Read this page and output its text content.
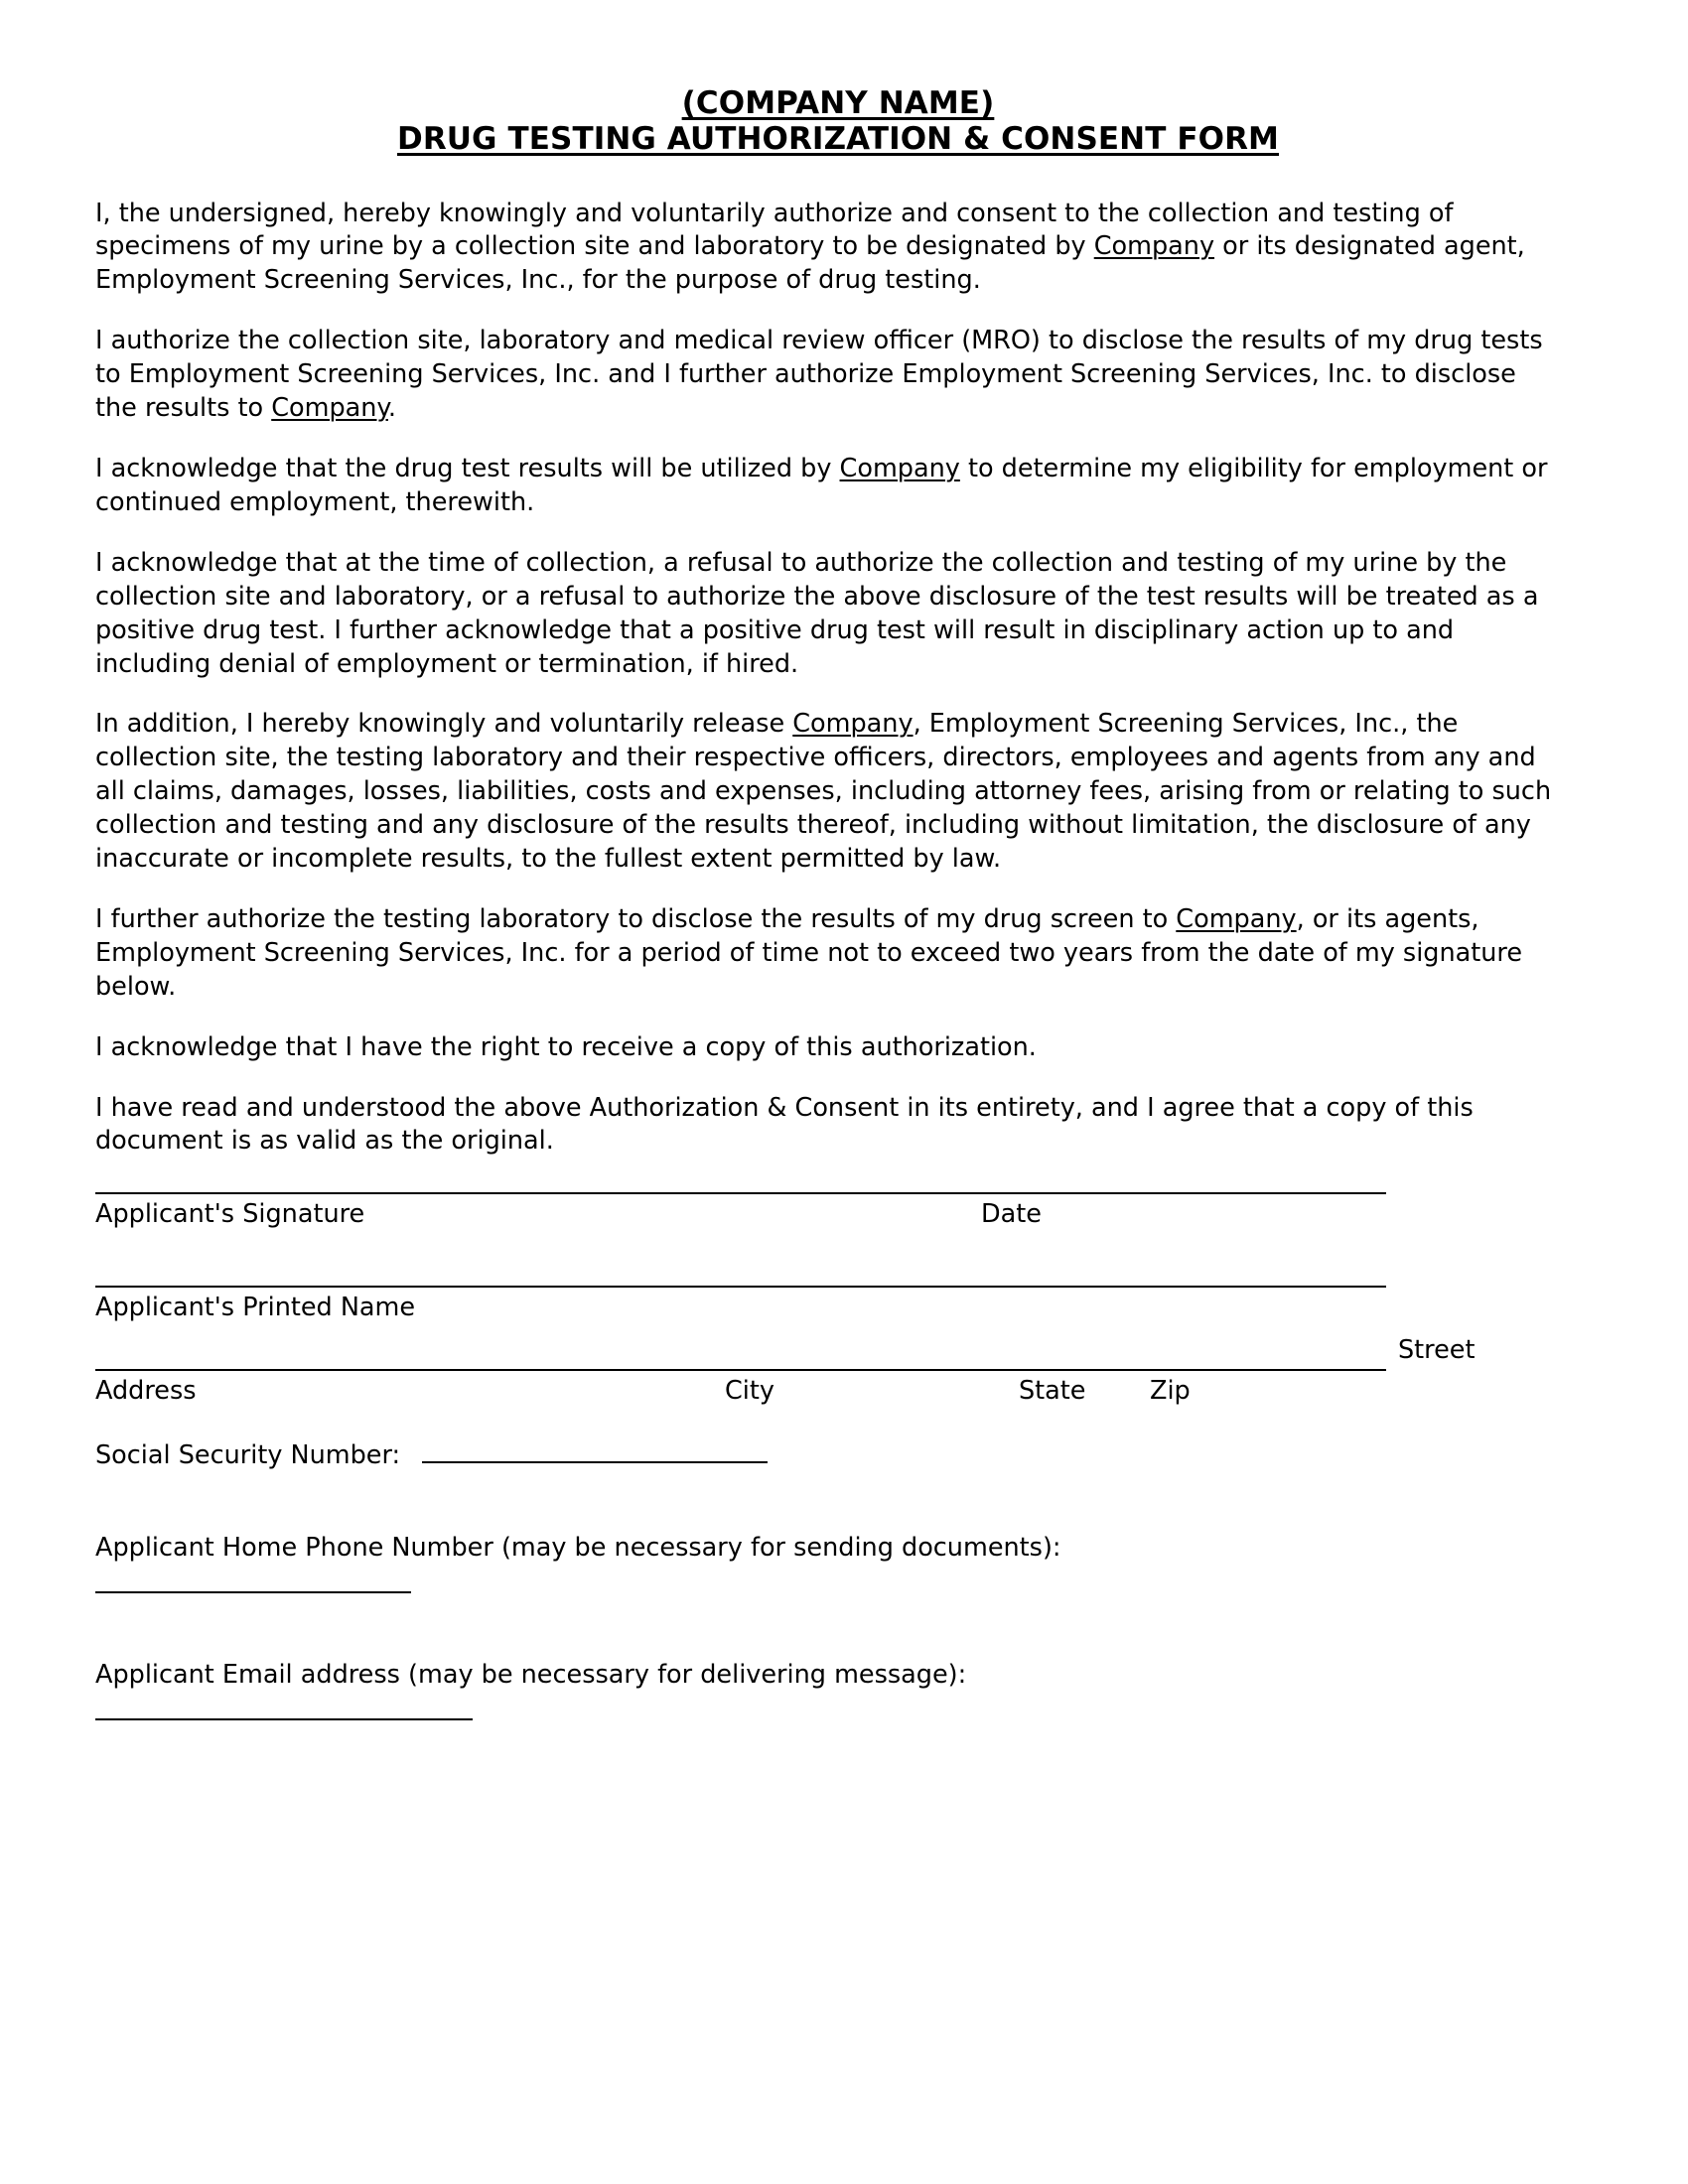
(COMPANY NAME)
DRUG TESTING AUTHORIZATION & CONSENT FORM

I, the undersigned, hereby knowingly and voluntarily authorize and consent to the collection and testing of specimens of my urine by a collection site and laboratory to be designated by Company or its designated agent, Employment Screening Services, Inc., for the purpose of drug testing.

I authorize the collection site, laboratory and medical review officer (MRO) to disclose the results of my drug tests to Employment Screening Services, Inc. and I further authorize Employment Screening Services, Inc. to disclose the results to Company.

I acknowledge that the drug test results will be utilized by Company to determine my eligibility for employment or continued employment, therewith.

I acknowledge that at the time of collection, a refusal to authorize the collection and testing of my urine by the collection site and laboratory, or a refusal to authorize the above disclosure of the test results will be treated as a positive drug test. I further acknowledge that a positive drug test will result in disciplinary action up to and including denial of employment or termination, if hired.

In addition, I hereby knowingly and voluntarily release Company, Employment Screening Services, Inc., the collection site, the testing laboratory and their respective officers, directors, employees and agents from any and all claims, damages, losses, liabilities, costs and expenses, including attorney fees, arising from or relating to such collection and testing and any disclosure of the results thereof, including without limitation, the disclosure of any inaccurate or incomplete results, to the fullest extent permitted by law.

I further authorize the testing laboratory to disclose the results of my drug screen to Company, or its agents, Employment Screening Services, Inc. for a period of time not to exceed two years from the date of my signature below.

I acknowledge that I have the right to receive a copy of this authorization.

I have read and understood the above Authorization & Consent in its entirety, and I agree that a copy of this document is as valid as the original.

Applicant's Signature	Date
Applicant's Printed Name
Street
Address	City	State	Zip
Social Security Number:
Applicant Home Phone Number (may be necessary for sending documents):
Applicant Email address (may be necessary for delivering message):
